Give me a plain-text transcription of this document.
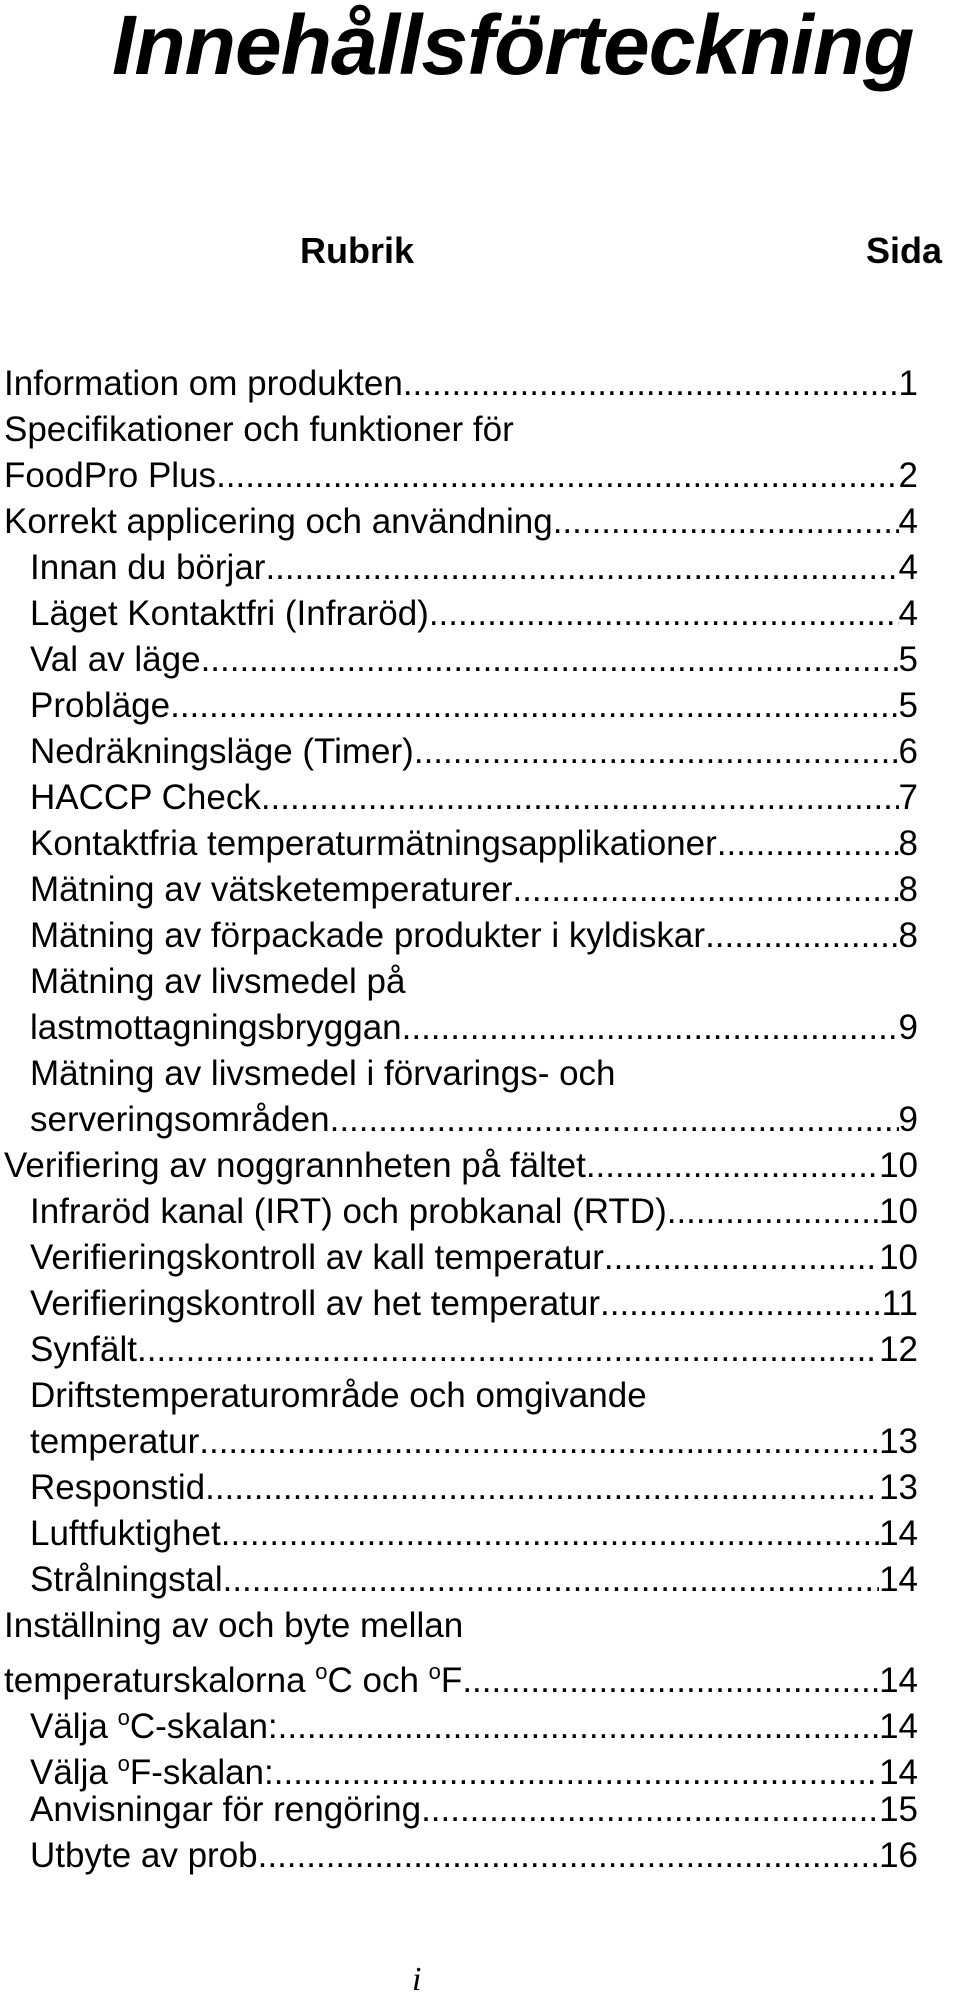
Innehållsförteckning
Rubrik	Sida
Information om produkten .....	1
Specifikationer och funktioner för
FoodPro Plus .....	2
Korrekt applicering och användning .....	4
Innan du börjar .....	4
Läget Kontaktfri (Infraröd) .....	4
Val av läge .....	5
Probläge .....	5
Nedräkningsläge (Timer) .....	6
HACCP Check .....	7
Kontaktfria temperaturmätningsapplikationer .....	8
Mätning av vätsketemperaturer .....	8
Mätning av förpackade produkter i kyldiskar .....	8
Mätning av livsmedel på
lastmottagningsbryggan .....	9
Mätning av livsmedel i förvarings- och
serveringsområden .....	9
Verifiering av noggrannheten på fältet .....	10
Infraröd kanal (IRT) och probkanal (RTD) .....	10
Verifieringskontroll av kall temperatur .....	10
Verifieringskontroll av het temperatur .....	11
Synfält .....	12
Driftstemperaturområde och omgivande
temperatur .....	13
Responstid .....	13
Luftfuktighet .....	14
Strålningstal .....	14
Inställning av och byte mellan
temperaturskalorna $^o$C och $^o$F .....	14
Välja $^o$C-skalan: .....	14
Välja $^o$F-skalan: .....	14
Anvisningar för rengöring .....	15
Utbyte av prob .....	16
i
